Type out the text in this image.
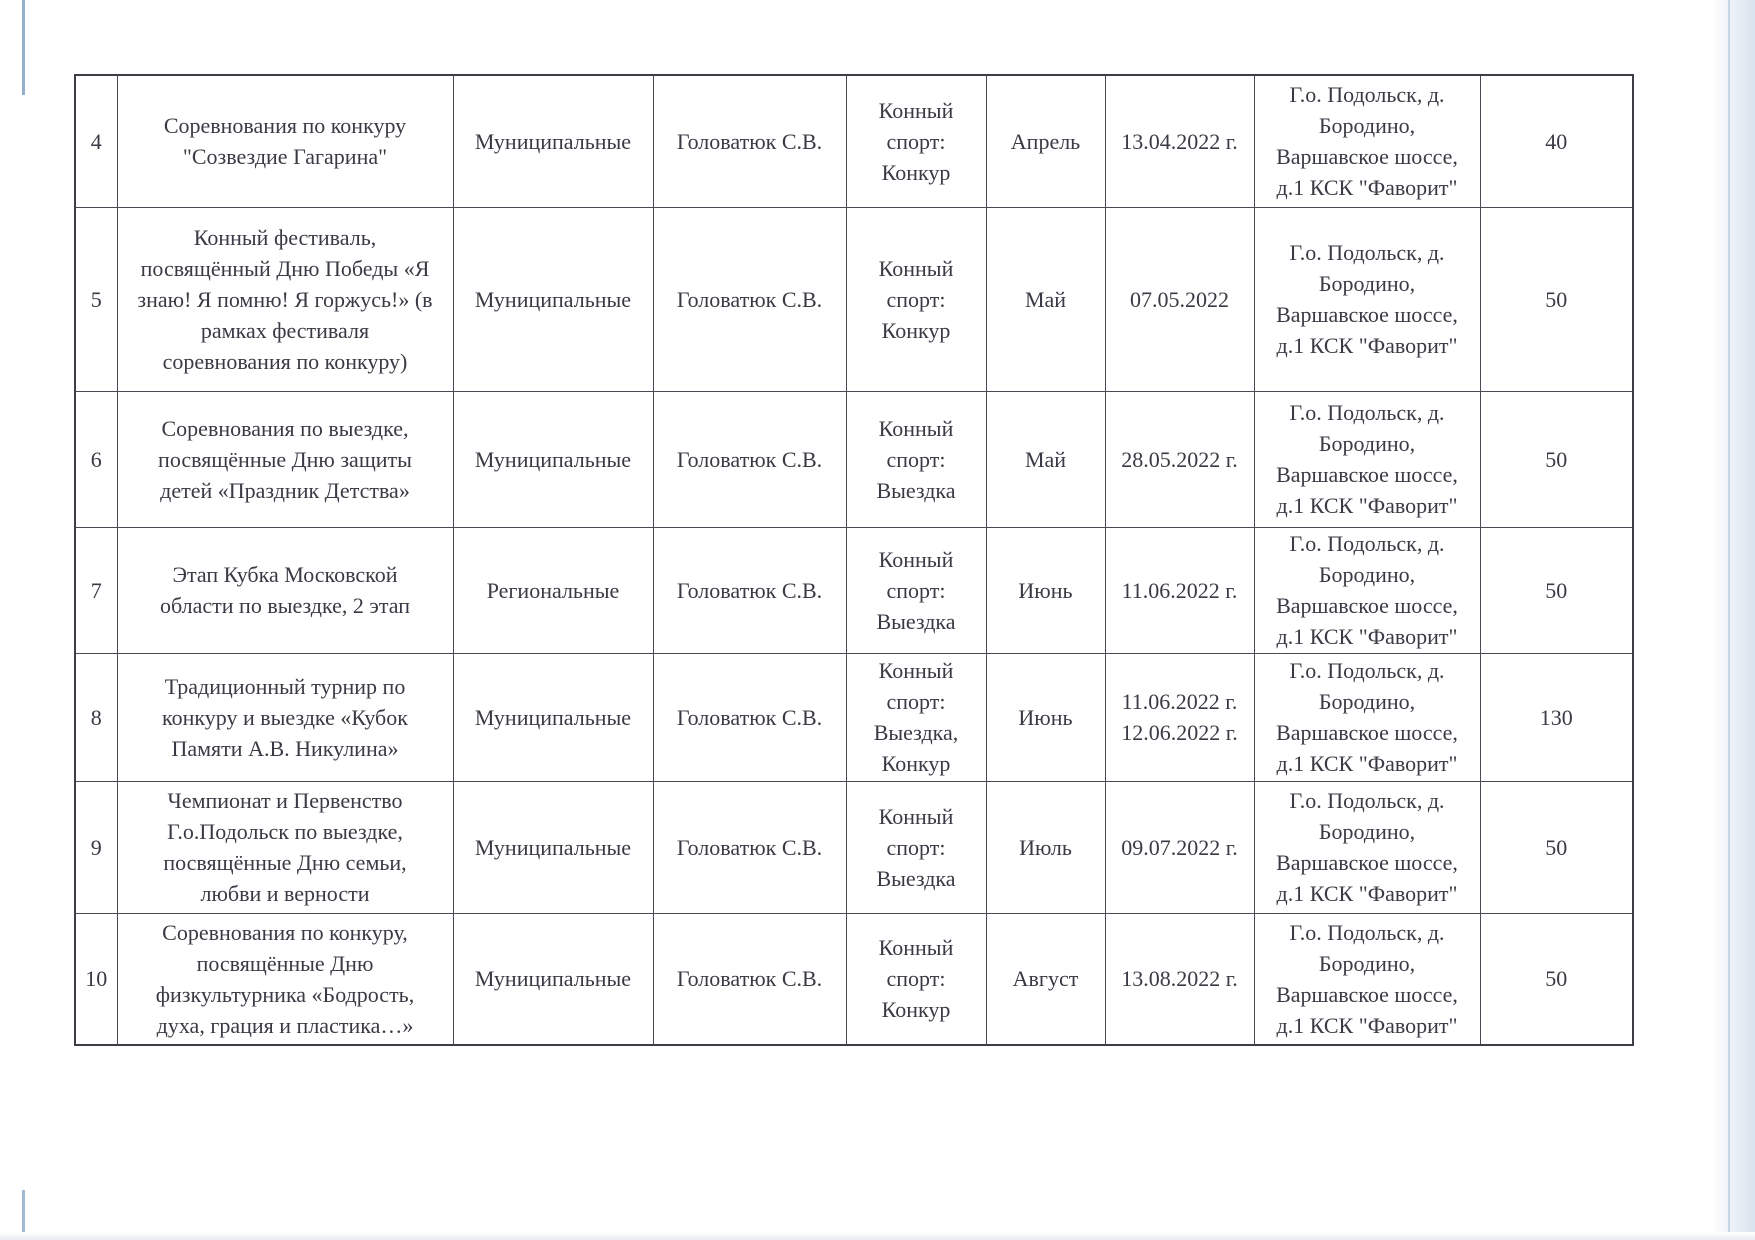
4	Соревнования по конкуру
"Созвездие Гагарина"	Муниципальные	Головатюк С.В.	Конный
спорт:
Конкур	Апрель	13.04.2022 г.	Г.о. Подольск, д.
Бородино,
Варшавское шоссе,
д.1 КСК "Фаворит"	40
5	Конный фестиваль,
посвящённый Дню Победы «Я
знаю! Я помню! Я горжусь!» (в
рамках фестиваля
соревнования по конкуру)	Муниципальные	Головатюк С.В.	Конный
спорт:
Конкур	Май	07.05.2022	Г.о. Подольск, д.
Бородино,
Варшавское шоссе,
д.1 КСК "Фаворит"	50
6	Соревнования по выездке,
посвящённые Дню защиты
детей «Праздник Детства»	Муниципальные	Головатюк С.В.	Конный
спорт:
Выездка	Май	28.05.2022 г.	Г.о. Подольск, д.
Бородино,
Варшавское шоссе,
д.1 КСК "Фаворит"	50
7	Этап Кубка Московской
области по выездке, 2 этап	Региональные	Головатюк С.В.	Конный
спорт:
Выездка	Июнь	11.06.2022 г.	Г.о. Подольск, д.
Бородино,
Варшавское шоссе,
д.1 КСК "Фаворит"	50
8	Традиционный турнир по
конкуру и выездке «Кубок
Памяти А.В. Никулина»	Муниципальные	Головатюк С.В.	Конный
спорт:
Выездка,
Конкур	Июнь	11.06.2022 г.
12.06.2022 г.	Г.о. Подольск, д.
Бородино,
Варшавское шоссе,
д.1 КСК "Фаворит"	130
9	Чемпионат и Первенство
Г.о.Подольск по выездке,
посвящённые Дню семьи,
любви и верности	Муниципальные	Головатюк С.В.	Конный
спорт:
Выездка	Июль	09.07.2022 г.	Г.о. Подольск, д.
Бородино,
Варшавское шоссе,
д.1 КСК "Фаворит"	50
10	Соревнования по конкуру,
посвящённые Дню
физкультурника «Бодрость,
духа, грация и пластика…»	Муниципальные	Головатюк С.В.	Конный
спорт:
Конкур	Август	13.08.2022 г.	Г.о. Подольск, д.
Бородино,
Варшавское шоссе,
д.1 КСК "Фаворит"	50
